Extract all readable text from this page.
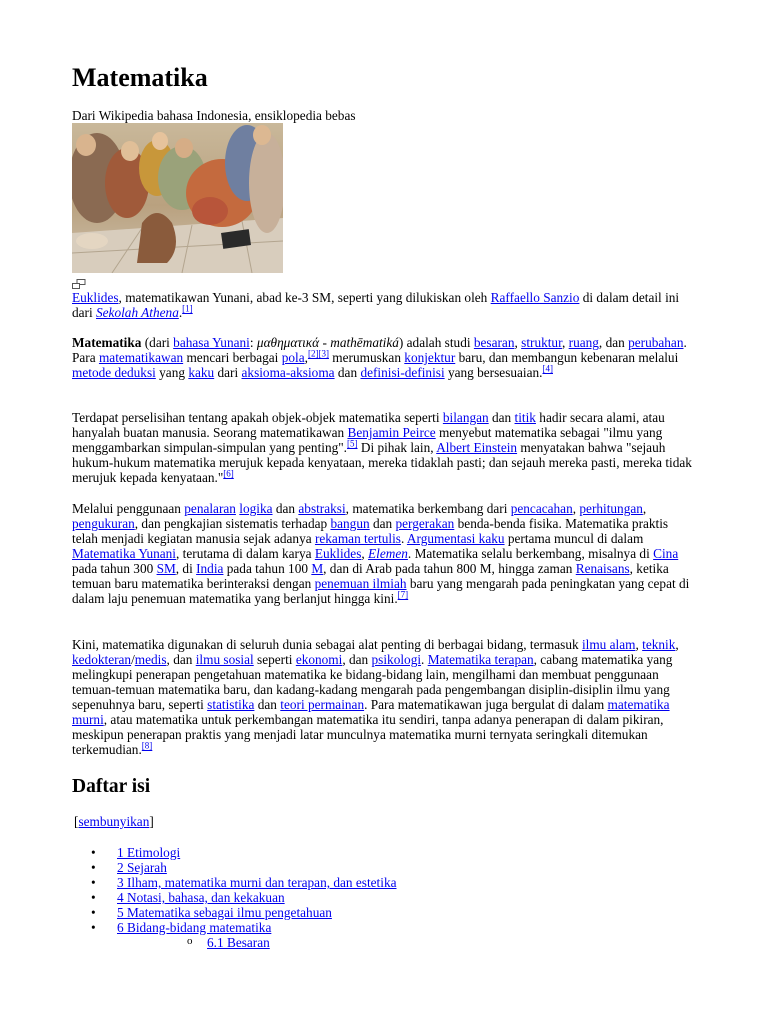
Matematika
Dari Wikipedia bahasa Indonesia, ensiklopedia bebas
Euklides, matematikawan Yunani, abad ke-3 SM, seperti yang dilukiskan oleh Raffaello Sanzio di dalam detail ini dari Sekolah Athena.[1]
Matematika (dari bahasa Yunani: μαθηματικά - mathēmatiká) adalah studi besaran, struktur, ruang, dan perubahan. Para matematikawan mencari berbagai pola,[2][3] merumuskan konjektur baru, dan membangun kebenaran melalui metode deduksi yang kaku dari aksioma-aksioma dan definisi-definisi yang bersesuaian.[4]
Terdapat perselisihan tentang apakah objek-objek matematika seperti bilangan dan titik hadir secara alami, atau hanyalah buatan manusia. Seorang matematikawan Benjamin Peirce menyebut matematika sebagai "ilmu yang menggambarkan simpulan-simpulan yang penting".[5] Di pihak lain, Albert Einstein menyatakan bahwa "sejauh hukum-hukum matematika merujuk kepada kenyataan, mereka tidaklah pasti; dan sejauh mereka pasti, mereka tidak merujuk kepada kenyataan."[6]
Melalui penggunaan penalaran logika dan abstraksi, matematika berkembang dari pencacahan, perhitungan, pengukuran, dan pengkajian sistematis terhadap bangun dan pergerakan benda-benda fisika. Matematika praktis telah menjadi kegiatan manusia sejak adanya rekaman tertulis. Argumentasi kaku pertama muncul di dalam Matematika Yunani, terutama di dalam karya Euklides, Elemen. Matematika selalu berkembang, misalnya di Cina pada tahun 300 SM, di India pada tahun 100 M, dan di Arab pada tahun 800 M, hingga zaman Renaisans, ketika temuan baru matematika berinteraksi dengan penemuan ilmiah baru yang mengarah pada peningkatan yang cepat di dalam laju penemuan matematika yang berlanjut hingga kini.[7]
Kini, matematika digunakan di seluruh dunia sebagai alat penting di berbagai bidang, termasuk ilmu alam, teknik, kedokteran/medis, dan ilmu sosial seperti ekonomi, dan psikologi. Matematika terapan, cabang matematika yang melingkupi penerapan pengetahuan matematika ke bidang-bidang lain, mengilhami dan membuat penggunaan temuan-temuan matematika baru, dan kadang-kadang mengarah pada pengembangan disiplin-disiplin ilmu yang sepenuhnya baru, seperti statistika dan teori permainan. Para matematikawan juga bergulat di dalam matematika murni, atau matematika untuk perkembangan matematika itu sendiri, tanpa adanya penerapan di dalam pikiran, meskipun penerapan praktis yang menjadi latar munculnya matematika murni ternyata seringkali ditemukan terkemudian.[8]
Daftar isi
[sembunyikan]
• 1 Etimologi
• 2 Sejarah
• 3 Ilham, matematika murni dan terapan, dan estetika
• 4 Notasi, bahasa, dan kekakuan
• 5 Matematika sebagai ilmu pengetahuan
• 6 Bidang-bidang matematika
o 6.1 Besaran
